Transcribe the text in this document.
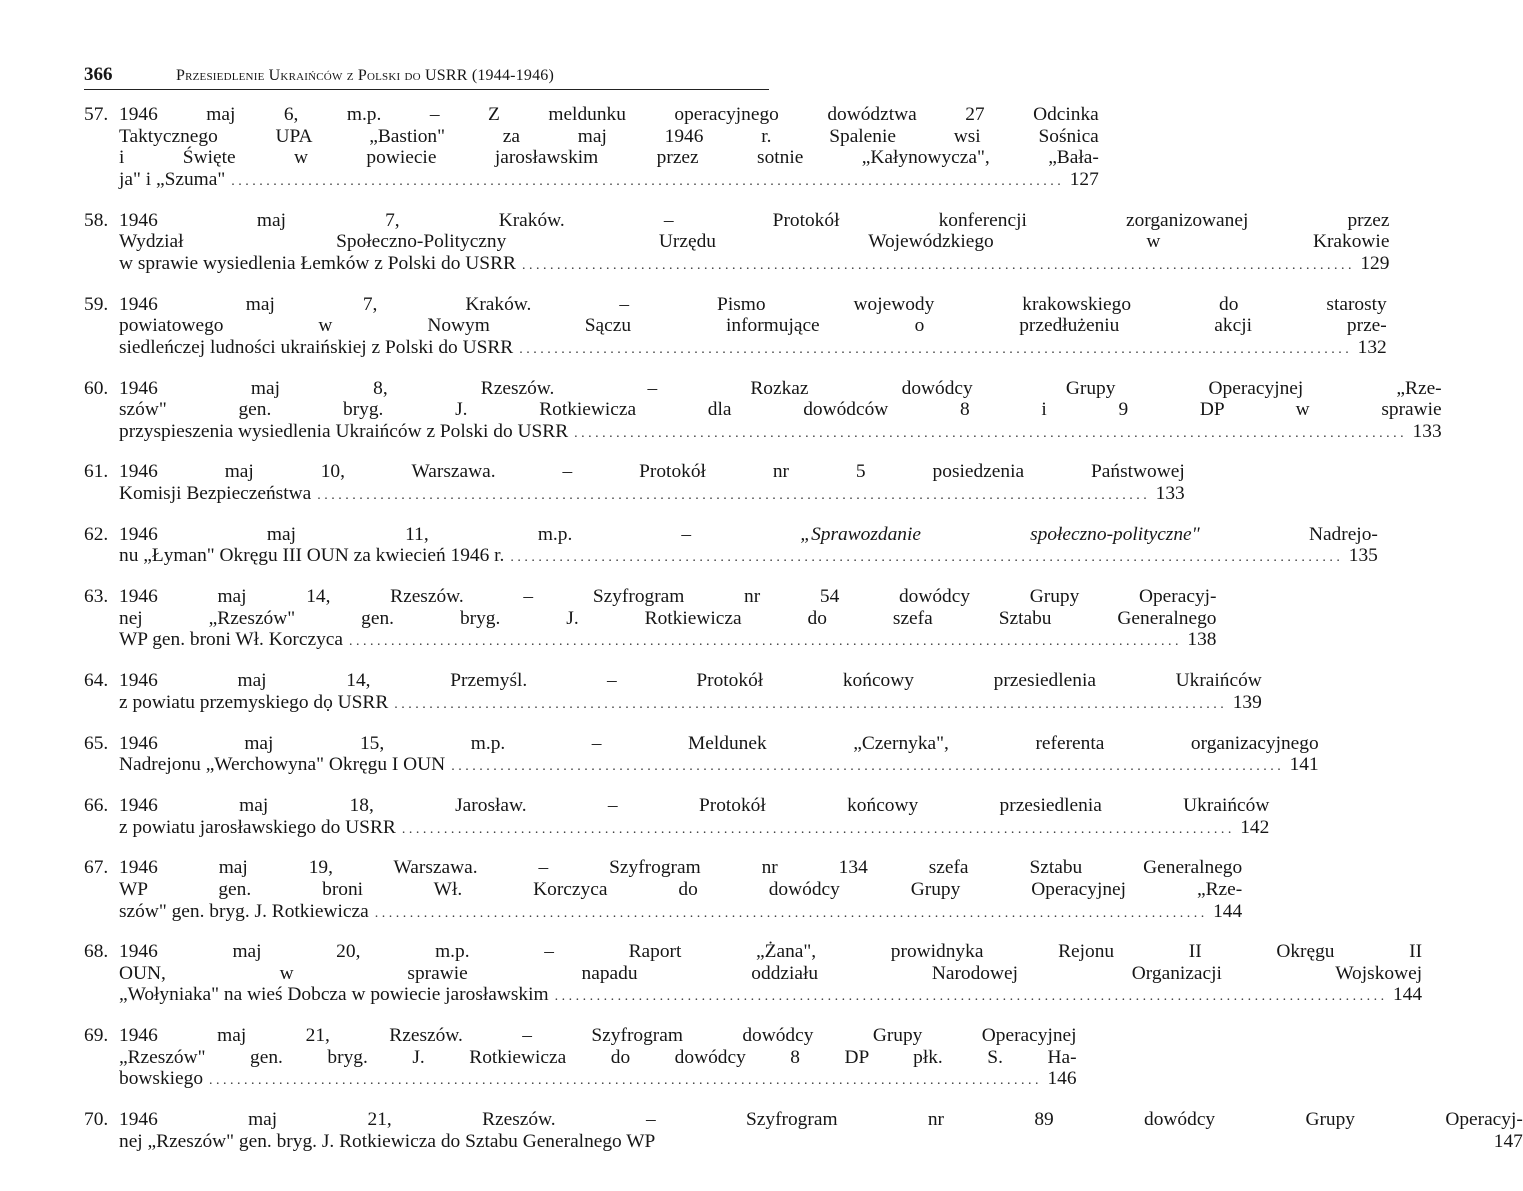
366	Przesiedlenie Ukraińców z Polski do USRR (1944-1946)
57. 1946 maj 6, m.p. – Z meldunku operacyjnego dowództwa 27 Odcinka
Taktycznego UPA „Bastion" za maj 1946 r. Spalenie wsi Sośnica
i Święte w powiecie jarosławskim przez sotnie „Kałynowycza", „Bała-
ja" i „Szuma" . . .	127
58. 1946 maj 7, Kraków. – Protokół konferencji zorganizowanej przez
Wydział Społeczno-Polityczny Urzędu Wojewódzkiego w Krakowie
w sprawie wysiedlenia Łemków z Polski do USRR . . .	129
59. 1946 maj 7, Kraków. – Pismo wojewody krakowskiego do starosty
powiatowego w Nowym Sączu informujące o przedłużeniu akcji prze-
siedleńczej ludności ukraińskiej z Polski do USRR . . .	132
60. 1946 maj 8, Rzeszów. – Rozkaz dowódcy Grupy Operacyjnej „Rze-
szów" gen. bryg. J. Rotkiewicza dla dowódców 8 i 9 DP w sprawie
przyspieszenia wysiedlenia Ukraińców z Polski do USRR . . .	133
61. 1946 maj 10, Warszawa. – Protokół nr 5 posiedzenia Państwowej
Komisji Bezpieczeństwa . . .	133
62. 1946 maj 11, m.p. – „Sprawozdanie społeczno-polityczne" Nadrejo-
nu „Łyman" Okręgu III OUN za kwiecień 1946 r. . . .	135
63. 1946 maj 14, Rzeszów. – Szyfrogram nr 54 dowódcy Grupy Operacyj-
nej „Rzeszów" gen. bryg. J. Rotkiewicza do szefa Sztabu Generalnego
WP gen. broni Wł. Korczyca . . .	138
64. 1946 maj 14, Przemyśl. – Protokół końcowy przesiedlenia Ukraińców
z powiatu przemyskiego dọ USRR . . .	139
65. 1946 maj 15, m.p. – Meldunek „Czernyka", referenta organizacyjnego
Nadrejonu „Werchowyna" Okręgu I OUN . . .	141
66. 1946 maj 18, Jarosław. – Protokół końcowy przesiedlenia Ukraińców
z powiatu jarosławskiego do USRR . . .	142
67. 1946 maj 19, Warszawa. – Szyfrogram nr 134 szefa Sztabu Generalnego
WP gen. broni Wł. Korczyca do dowódcy Grupy Operacyjnej „Rze-
szów" gen. bryg. J. Rotkiewicza . . .	144
68. 1946 maj 20, m.p. – Raport „Żana", prowidnyka Rejonu II Okręgu II
OUN, w sprawie napadu oddziału Narodowej Organizacji Wojskowej
„Wołyniaka" na wieś Dobcza w powiecie jarosławskim . . .	144
69. 1946 maj 21, Rzeszów. – Szyfrogram dowódcy Grupy Operacyjnej
„Rzeszów" gen. bryg. J. Rotkiewicza do dowódcy 8 DP płk. S. Ha-
bowskiego . . .	146
70. 1946 maj 21, Rzeszów. – Szyfrogram nr 89 dowódcy Grupy Operacyj-
nej „Rzeszów" gen. bryg. J. Rotkiewicza do Sztabu Generalnego WP	147
